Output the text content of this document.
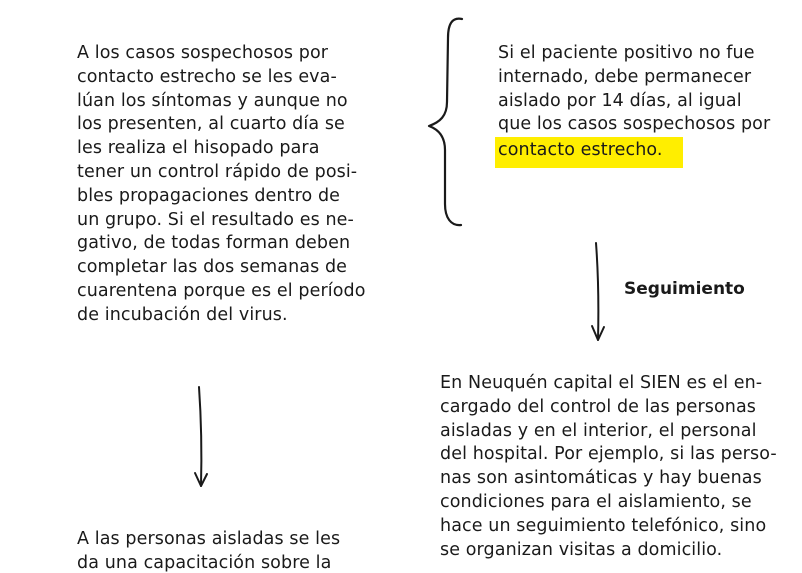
A los casos sospechosos por
contacto estrecho se les eva-
lúan los síntomas y aunque no
los presenten, al cuarto día se
les realiza el hisopado para
tener un control rápido de posi-
bles propagaciones dentro de
un grupo. Si el resultado es ne-
gativo, de todas forman deben
completar las dos semanas de
cuarentena porque es el período
de incubación del virus.

Si el paciente positivo no fue
internado, debe permanecer
aislado por 14 días, al igual
que los casos sospechosos por
contacto estrecho.

Seguimiento

En Neuquén capital el SIEN es el en-
cargado del control de las personas
aisladas y en el interior, el personal
del hospital. Por ejemplo, si las perso-
nas son asintomáticas y hay buenas
condiciones para el aislamiento, se
hace un seguimiento telefónico, sino
se organizan visitas a domicilio.

A las personas aisladas se les
da una capacitación sobre la
